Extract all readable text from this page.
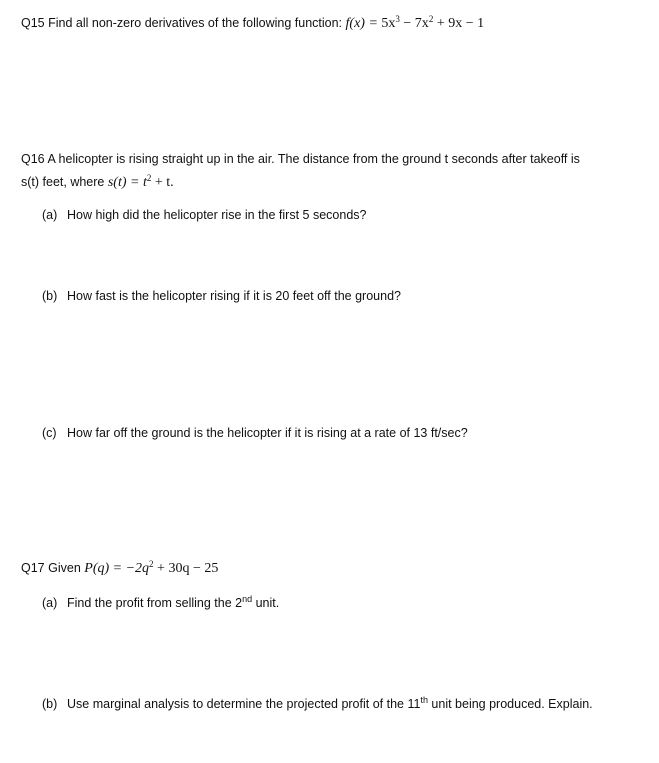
Q15 Find all non-zero derivatives of the following function: $f(x) = 5x^3 - 7x^2 + 9x - 1$
Q16 A helicopter is rising straight up in the air. The distance from the ground t seconds after takeoff is
s(t) feet, where $s(t) = t^2 + t$.
(a) How high did the helicopter rise in the first 5 seconds?
(b) How fast is the helicopter rising if it is 20 feet off the ground?
(c) How far off the ground is the helicopter if it is rising at a rate of 13 ft/sec?
Q17 Given $P(q) = -2q^2 + 30q - 25$
(a) Find the profit from selling the 2nd unit.
(b) Use marginal analysis to determine the projected profit of the 11th unit being produced. Explain.
